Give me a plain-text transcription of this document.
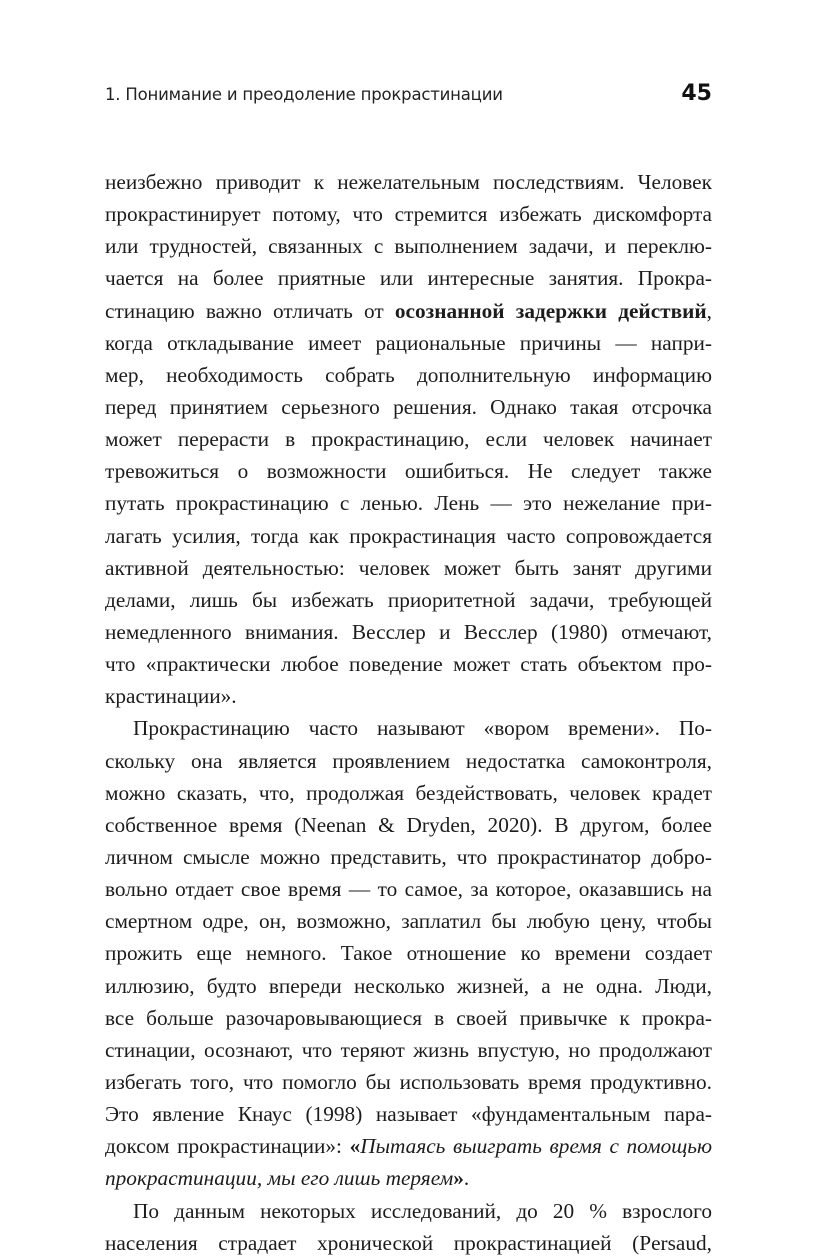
1. Понимание и преодоление прокрастинации	45
неизбежно приводит к нежелательным последствиям. Человек
прокрастинирует потому, что стремится избежать дискомфорта
или трудностей, связанных с выполнением задачи, и переклю-
чается на более приятные или интересные занятия. Прокра-
стинацию важно отличать от осознанной задержки действий,
когда откладывание имеет рациональные причины — напри-
мер, необходимость собрать дополнительную информацию
перед принятием серьезного решения. Однако такая отсрочка
может перерасти в прокрастинацию, если человек начинает
тревожиться о возможности ошибиться. Не следует также
путать прокрастинацию с ленью. Лень — это нежелание при-
лагать усилия, тогда как прокрастинация часто сопровождается
активной деятельностью: человек может быть занят другими
делами, лишь бы избежать приоритетной задачи, требующей
немедленного внимания. Весслер и Весслер (1980) отмечают,
что «практически любое поведение может стать объектом про-
крастинации».
Прокрастинацию часто называют «вором времени». По-
скольку она является проявлением недостатка самоконтроля,
можно сказать, что, продолжая бездействовать, человек крадет
собственное время (Neenan & Dryden, 2020). В другом, более
личном смысле можно представить, что прокрастинатор добро-
вольно отдает свое время — то самое, за которое, оказавшись на
смертном одре, он, возможно, заплатил бы любую цену, чтобы
прожить еще немного. Такое отношение ко времени создает
иллюзию, будто впереди несколько жизней, а не одна. Люди,
все больше разочаровывающиеся в своей привычке к прокра-
стинации, осознают, что теряют жизнь впустую, но продолжают
избегать того, что помогло бы использовать время продуктивно.
Это явление Кнаус (1998) называет «фундаментальным пара-
доксом прокрастинации»: «Пытаясь выиграть время с помощью
прокрастинации, мы его лишь теряем».
По данным некоторых исследований, до 20 % взрослого
населения страдает хронической прокрастинацией (Persaud,
